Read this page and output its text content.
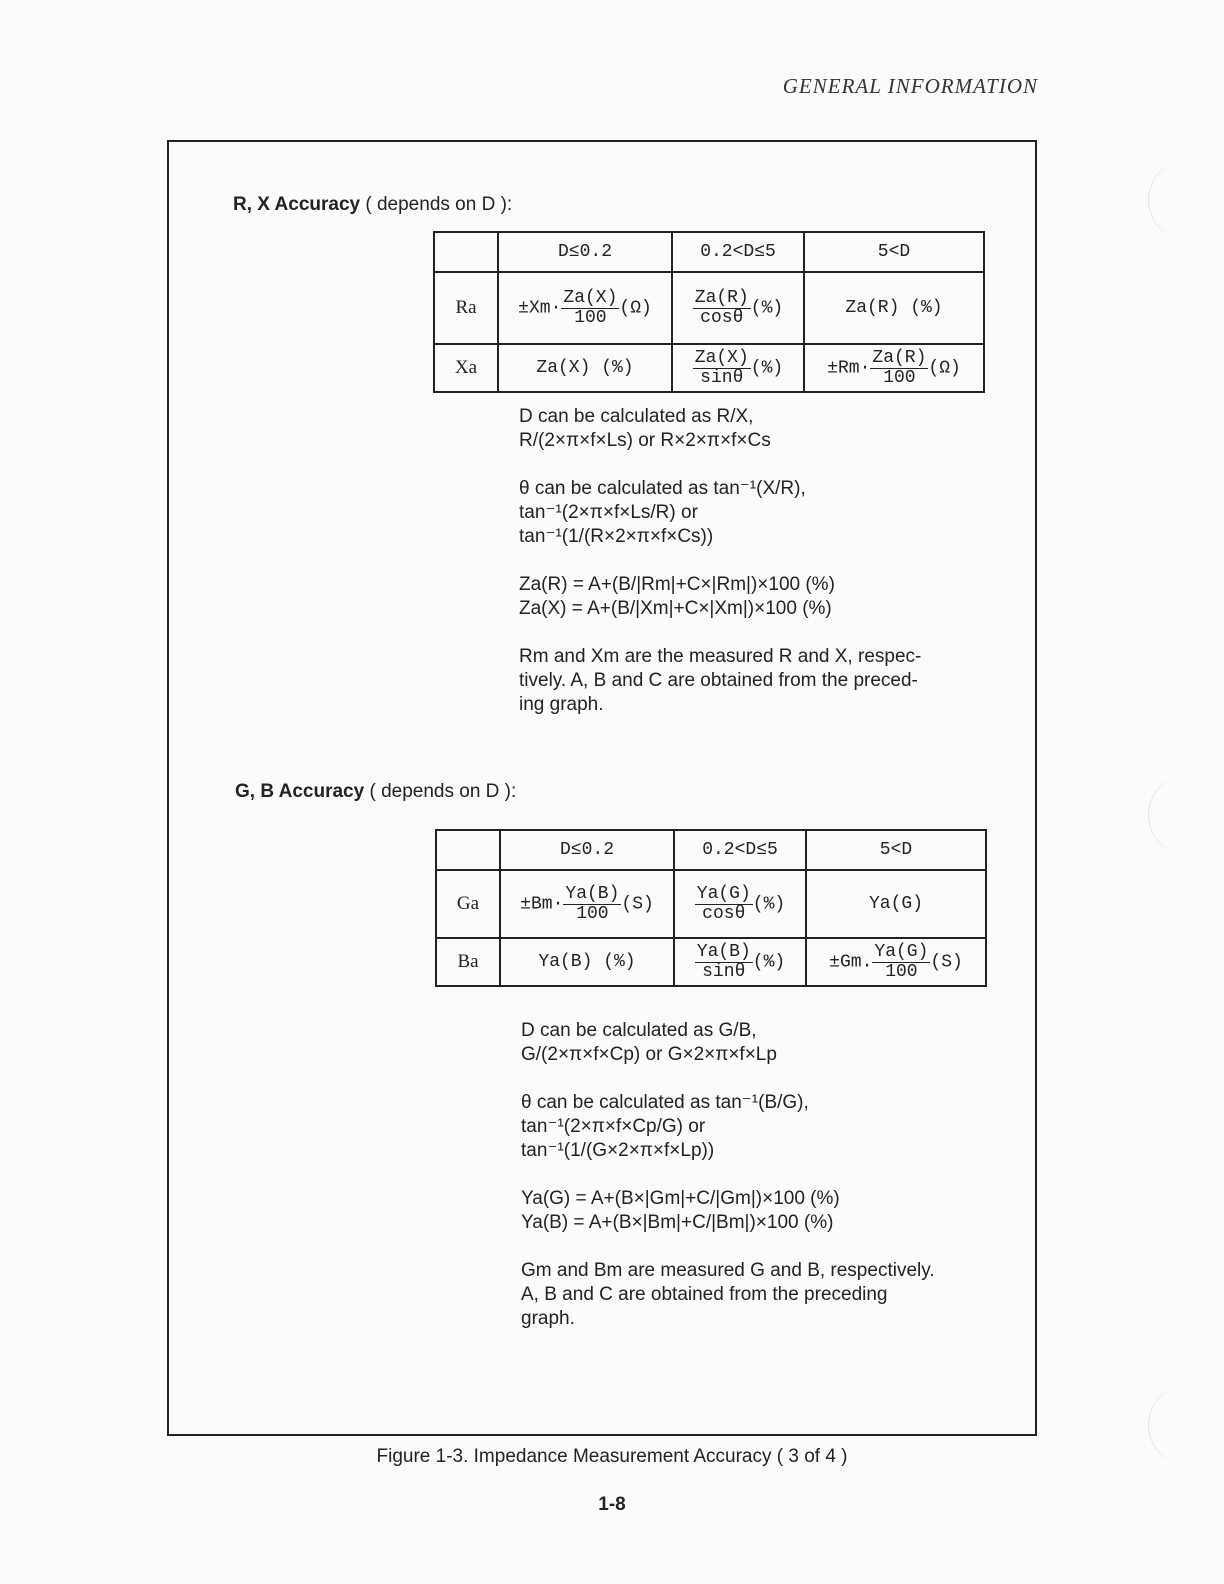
GENERAL INFORMATION
R, X Accuracy ( depends on D ):
	D≤0.2	0.2<D≤5	5<D
Ra	$\pm Xm\cdot \frac{Za(X)}{100} (\Omega)$	$\frac{Za(R)}{\cos\theta}$ (%)	Za(R) (%)
Xa	Za(X) (%)	$\frac{Za(X)}{\sin\theta}$ (%)	$\pm Rm\cdot \frac{Za(R)}{100} (\Omega)$

D can be calculated as R/X,
R/(2×π×f×Ls) or R×2×π×f×Cs

θ can be calculated as tan⁻¹(X/R),
tan⁻¹(2×π×f×Ls/R) or
tan⁻¹(1/(R×2×π×f×Cs))

Za(R) = A+(B/|Rm|+C×|Rm|)×100 (%)
Za(X) = A+(B/|Xm|+C×|Xm|)×100 (%)

Rm and Xm are the measured R and X, respec-
tively. A, B and C are obtained from the preced-
ing graph.

G, B Accuracy ( depends on D ):
	D≤0.2	0.2<D≤5	5<D
Ga	$\pm Bm\cdot \frac{Ya(B)}{100} (S)$	$\frac{Ya(G)}{\cos\theta}$ (%)	Ya(G)
Ba	Ya(B) (%)	$\frac{Ya(B)}{\sin\theta}$ (%)	±Gm. $\frac{Ya(G)}{100} (S)$

D can be calculated as G/B,
G/(2×π×f×Cp) or G×2×π×f×Lp

θ can be calculated as tan⁻¹(B/G),
tan⁻¹(2×π×f×Cp/G) or
tan⁻¹(1/(G×2×π×f×Lp))

Ya(G) = A+(B×|Gm|+C/|Gm|)×100 (%)
Ya(B) = A+(B×|Bm|+C/|Bm|)×100 (%)

Gm and Bm are measured G and B, respectively.
A, B and C are obtained from the preceding
graph.

Figure 1-3. Impedance Measurement Accuracy ( 3 of 4 )
1-8
